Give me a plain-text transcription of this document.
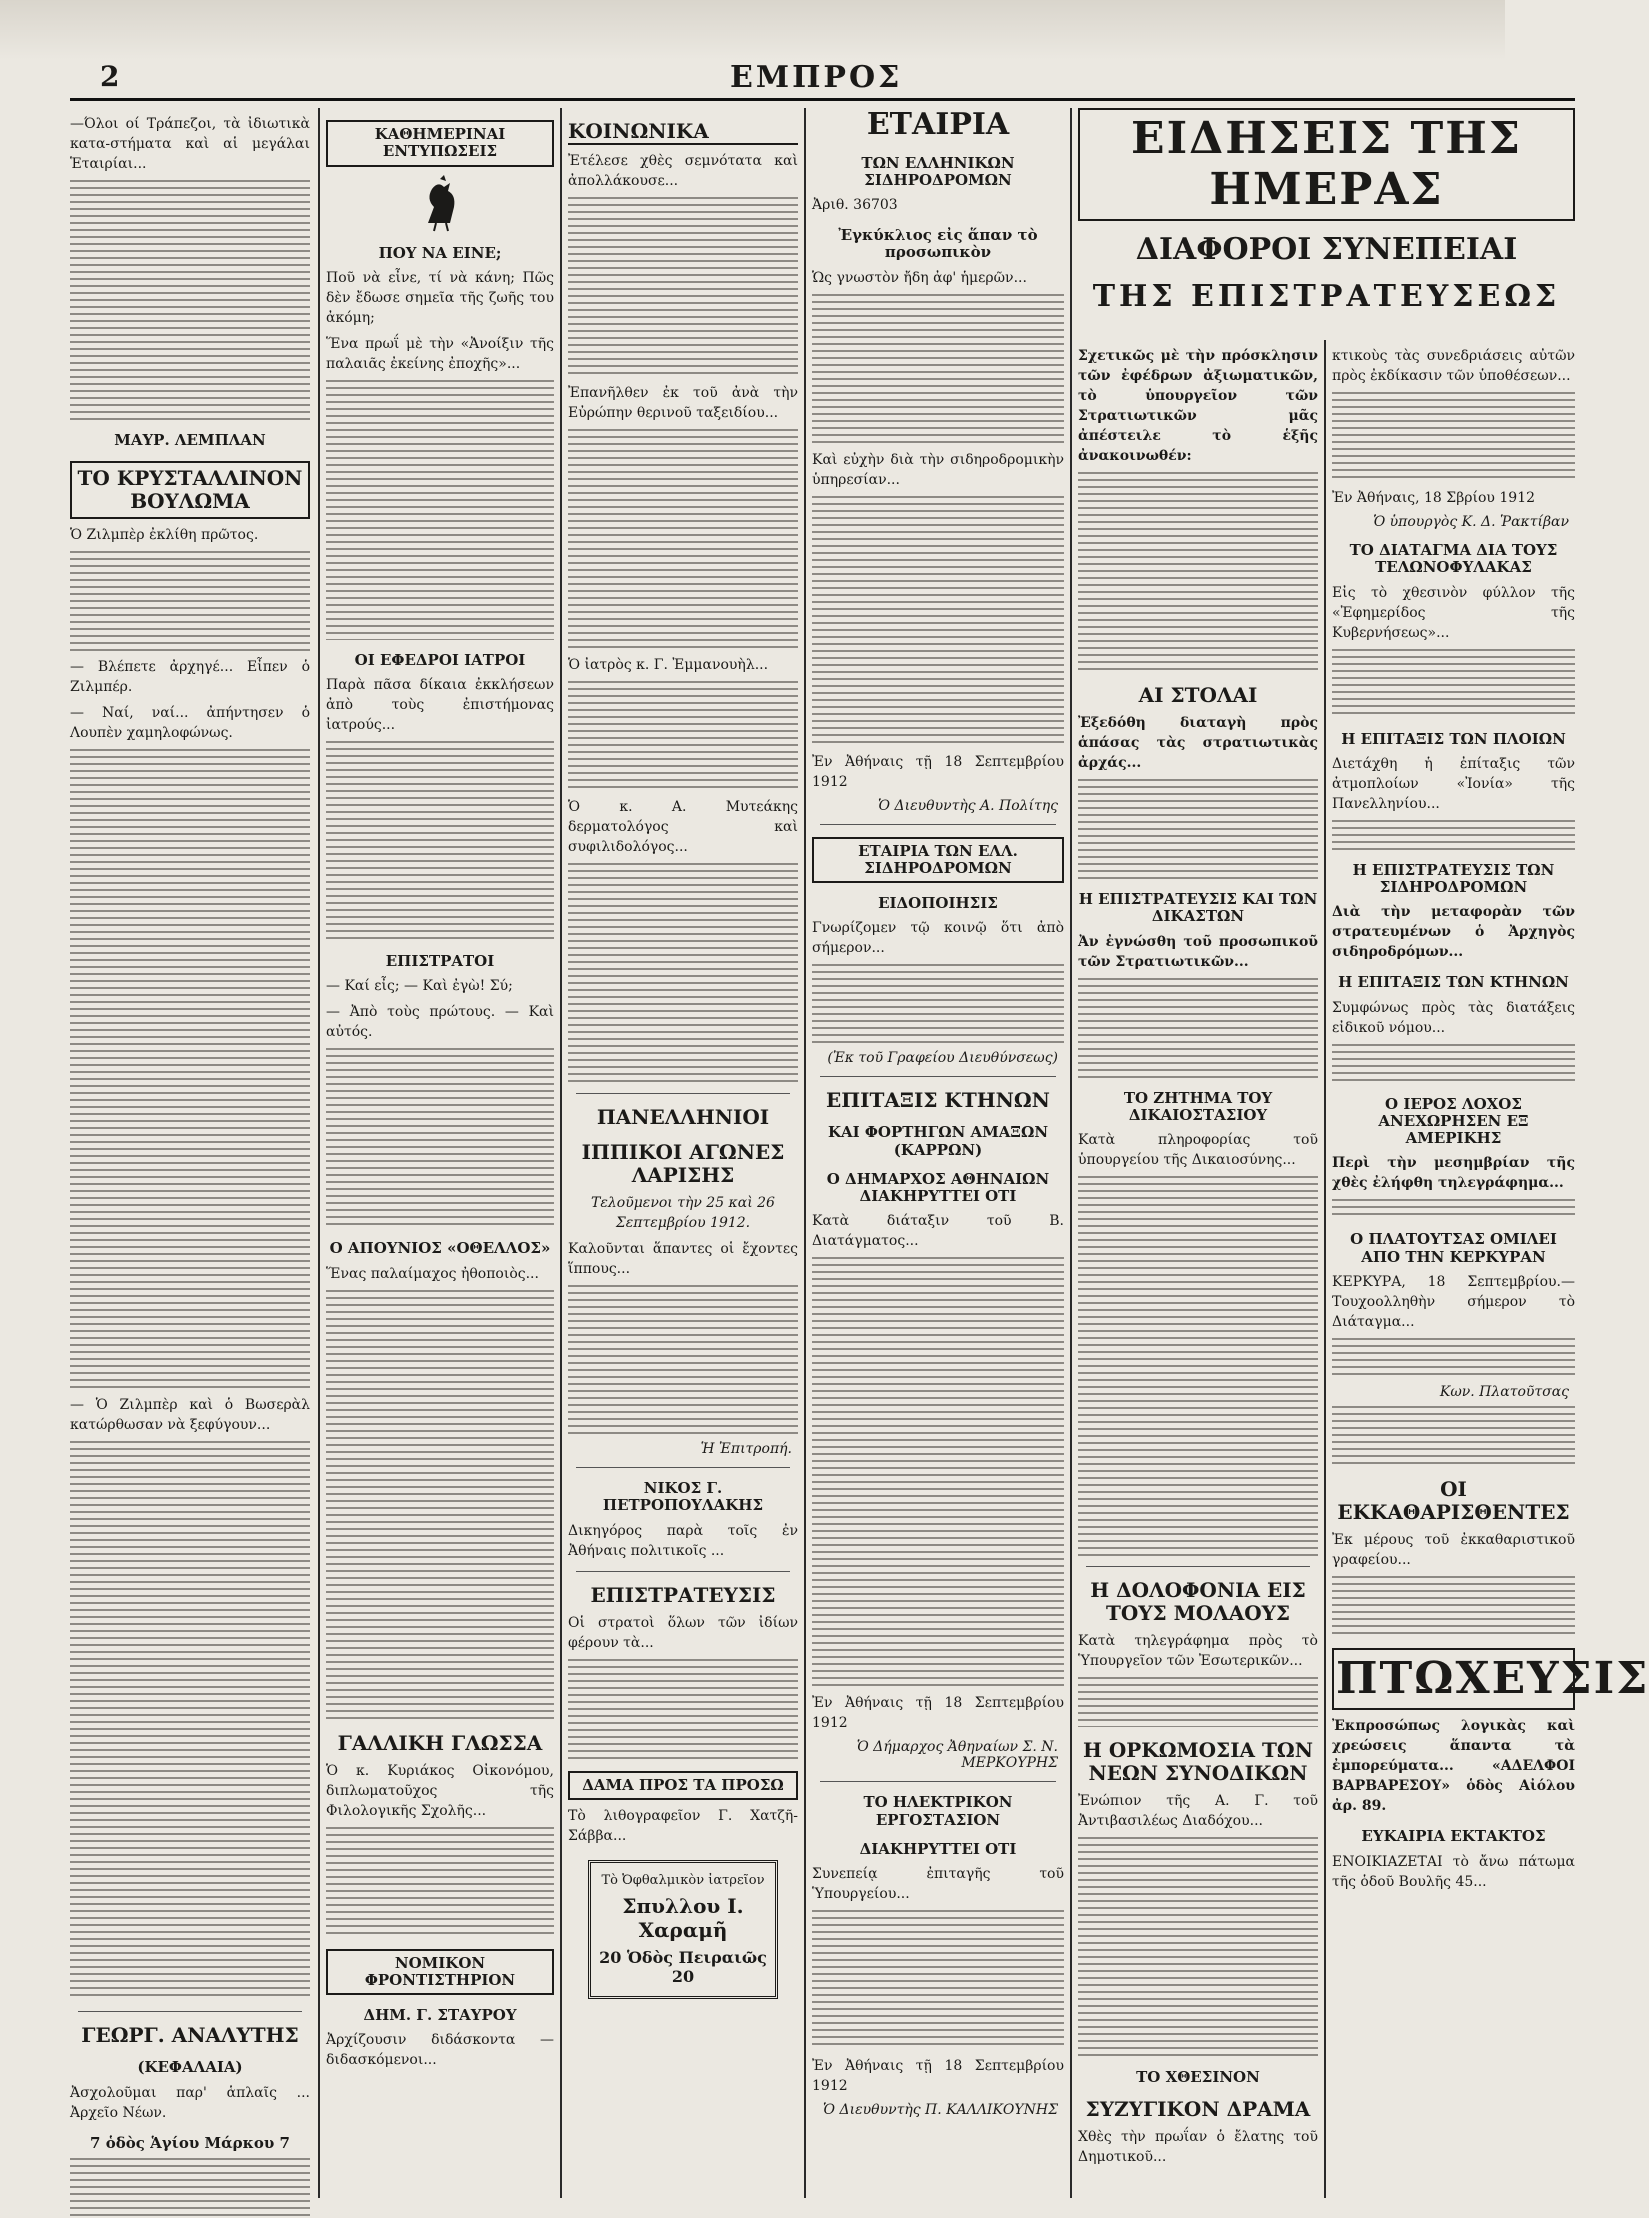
2	ΕΜΠΡΟΣ
—Όλοι οί Τράπεζοι, τὰ ἰδιωτικὰ κατα-στήματα καὶ αἱ μεγάλαι Ἑταιρίαι...
ΜΑΥΡ. ΛΕΜΠΛΑΝ
ΤΟ ΚΡΥΣΤΑΛΛΙΝΟΝ ΒΟΥΛΩΜΑ
Ὁ Ζιλμπὲρ ἐκλίθη πρῶτος.
— Βλέπετε ἀρχηγέ... Εἶπεν ὁ Ζιλμπέρ.
— Ναί, ναί... ἀπήντησεν ὁ Λουπὲν χαμηλοφώνως.
— Ὁ Ζιλμπὲρ καὶ ὁ Βωσερὰλ κατώρθωσαν νὰ ξεφύγουν...
ΓΕΩΡΓ. ΑΝΑΛΥΤΗΣ
(ΚΕΦΑΛΑΙΑ)
Ἀσχολοῦμαι παρ' ἁπλαῖς ... Ἀρχεῖο Νέων.
7 ὁδὸς Ἁγίου Μάρκου 7
ΚΑΘΗΜΕΡΙΝΑΙ ΕΝΤΥΠΩΣΕΙΣ
ΠΟΥ ΝΑ ΕΙΝΕ;
Ποῦ νὰ εἶνε, τί νὰ κάνη; Πῶς δὲν ἔδωσε σημεῖα τῆς ζωῆς του ἀκόμη;
Ἕνα πρωΐ μὲ τὴν «Ἀνοίξιν τῆς παλαιᾶς ἐκείνης ἐποχῆς»...
ΟΙ ΕΦΕΔΡΟΙ ΙΑΤΡΟΙ
Παρὰ πᾶσα δίκαια ἐκκλήσεων ἀπὸ τοὺς ἐπιστήμονας ἰατρούς...
ΕΠΙΣΤΡΑΤΟΙ
— Καί εἶς; — Καὶ ἐγὼ! Σύ;
— Ἀπὸ τοὺς πρώτους. — Καὶ αὐτός.
Ο ΑΠΟΥΝΙΟΣ «ΟΘΕΛΛΟΣ»
Ἕνας παλαίμαχος ἠθοποιὸς...
ΓΑΛΛΙΚΗ ΓΛΩΣΣΑ
Ὁ κ. Κυριάκος Οἰκονόμου, διπλωματοῦχος τῆς Φιλολογικῆς Σχολῆς...
ΝΟΜΙΚΟΝ ΦΡΟΝΤΙΣΤΗΡΙΟΝ
ΔΗΜ. Γ. ΣΤΑΥΡΟΥ
Ἀρχίζουσιν διδάσκοντα — διδασκόμενοι...
ΚΟΙΝΩΝΙΚΑ
Ἐτέλεσε χθὲς σεμνότατα καὶ ἀπολλάκουσε...
Ἐπανῆλθεν ἐκ τοῦ ἀνὰ τὴν Εὐρώπην θερινοῦ ταξειδίου...
Ὁ ἰατρὸς κ. Γ. Ἐμμανουὴλ...
Ὁ κ. Α. Μυτεάκης δερματολόγος καὶ συφιλιδολόγος...
ΠΑΝΕΛΛΗΝΙΟΙ
ΙΠΠΙΚΟΙ ΑΓΩΝΕΣ ΛΑΡΙΣΗΣ
Τελοῦμενοι τὴν 25 καὶ 26 Σεπτεμβρίου 1912.
Καλοῦνται ἅπαντες οἱ ἔχοντες ἵππους...
Ἡ Ἐπιτροπή.
ΝΙΚΟΣ Γ. ΠΕΤΡΟΠΟΥΛΑΚΗΣ
Δικηγόρος παρὰ τοῖς ἐν Ἀθήναις πολιτικοῖς ...
ΕΠΙΣΤΡΑΤΕΥΣΙΣ
Οἱ στρατοὶ ὅλων τῶν ἰδίων φέρουν τὰ...
ΔΑΜΑ ΠΡΟΣ ΤΑ ΠΡΟΣΩ
Τὸ λιθογραφεῖον Γ. Χατζῆ-Σάββα...
Τὸ Ὀφθαλμικὸν ἰατρεῖον
Σπυλλου Ι. Χαραμῆ
20 Ὁδὸς Πειραιῶς 20
ΕΤΑΙΡΙΑ
ΤΩΝ ΕΛΛΗΝΙΚΩΝ ΣΙΔΗΡΟΔΡΟΜΩΝ
Ἀριθ. 36703
Ἐγκύκλιος εἰς ἅπαν τὸ προσωπικὸν
Ὡς γνωστὸν ἤδη ἀφ' ἡμερῶν...
Καὶ εὐχὴν διὰ τὴν σιδηροδρομικὴν ὑπηρεσίαν...
Ἐν Ἀθήναις τῇ 18 Σεπτεμβρίου 1912
Ὁ Διευθυντὴς Α. Πολίτης
ΕΤΑΙΡΙΑ ΤΩΝ ΕΛΛ. ΣΙΔΗΡΟΔΡΟΜΩΝ
ΕΙΔΟΠΟΙΗΣΙΣ
Γνωρίζομεν τῷ κοινῷ ὅτι ἀπὸ σήμερον...
(Ἐκ τοῦ Γραφείου Διευθύνσεως)
ΕΠΙΤΑΞΙΣ ΚΤΗΝΩΝ
ΚΑΙ ΦΟΡΤΗΓΩΝ ΑΜΑΞΩΝ (ΚΑΡΡΩΝ)
Ο ΔΗΜΑΡΧΟΣ ΑΘΗΝΑΙΩΝ ΔΙΑΚΗΡΥΤΤΕΙ ΟΤΙ
Κατὰ διάταξιν τοῦ Β. Διατάγματος...
Ἐν Ἀθήναις τῇ 18 Σεπτεμβρίου 1912
Ὁ Δήμαρχος Ἀθηναίων Σ. Ν. ΜΕΡΚΟΥΡΗΣ
ΤΟ ΗΛΕΚΤΡΙΚΟΝ ΕΡΓΟΣΤΑΣΙΟΝ
ΔΙΑΚΗΡΥΤΤΕΙ ΟΤΙ
Συνεπείᾳ ἐπιταγῆς τοῦ Ὑπουργείου...
Ἐν Ἀθήναις τῇ 18 Σεπτεμβρίου 1912
Ὁ Διευθυντὴς Π. ΚΑΛΛΙΚΟΥΝΗΣ
ΕΙΔΗΣΕΙΣ ΤΗΣ ΗΜΕΡΑΣ
ΔΙΑΦΟΡΟΙ ΣΥΝΕΠΕΙΑΙ
ΤΗΣ ΕΠΙΣΤΡΑΤΕΥΣΕΩΣ
Σχετικῶς μὲ τὴν πρόσκλησιν τῶν ἐφέδρων ἀξιωματικῶν, τὸ ὑπουργεῖον τῶν Στρατιωτικῶν μᾶς ἀπέστειλε τὸ ἑξῆς ἀνακοινωθέν:
ΑΙ ΣΤΟΛΑΙ
Ἐξεδόθη διαταγὴ πρὸς ἁπάσας τὰς στρατιωτικὰς ἀρχάς...
Η ΕΠΙΣΤΡΑΤΕΥΣΙΣ ΚΑΙ ΤΩΝ ΔΙΚΑΣΤΩΝ
Ἀν ἐγνώσθη τοῦ προσωπικοῦ τῶν Στρατιωτικῶν...
ΤΟ ΖΗΤΗΜΑ ΤΟΥ ΔΙΚΑΙΟΣΤΑΣΙΟΥ
Κατὰ πληροφορίας τοῦ ὑπουργείου τῆς Δικαιοσύνης...
Η ΔΟΛΟΦΟΝΙΑ ΕΙΣ ΤΟΥΣ ΜΟΛΑΟΥΣ
Κατὰ τηλεγράφημα πρὸς τὸ Ὑπουργεῖον τῶν Ἐσωτερικῶν...
Η ΟΡΚΩΜΟΣΙΑ ΤΩΝ ΝΕΩΝ ΣΥΝΟΔΙΚΩΝ
Ἐνώπιον τῆς Α. Γ. τοῦ Ἀντιβασιλέως Διαδόχου...
ΤΟ ΧΘΕΣΙΝΟΝ
ΣΥΖΥΓΙΚΟΝ ΔΡΑΜΑ
Χθὲς τὴν πρωΐαν ὁ ἔλατης τοῦ Δημοτικοῦ...
κτικοὺς τὰς συνεδριάσεις αὐτῶν πρὸς ἐκδίκασιν τῶν ὑποθέσεων...
Ἐν Ἀθήναις, 18 Σβρίου 1912
Ὁ ὑπουργὸς Κ. Δ. Ῥακτίβαν
ΤΟ ΔΙΑΤΑΓΜΑ ΔΙΑ ΤΟΥΣ ΤΕΛΩΝΟΦΥΛΑΚΑΣ
Εἰς τὸ χθεσινὸν φύλλον τῆς «Ἐφημερίδος τῆς Κυβερνήσεως»...
Η ΕΠΙΤΑΞΙΣ ΤΩΝ ΠΛΟΙΩΝ
Διετάχθη ἡ ἐπίταξις τῶν ἀτμοπλοίων «Ἰονία» τῆς Πανελληνίου...
Η ΕΠΙΣΤΡΑΤΕΥΣΙΣ ΤΩΝ ΣΙΔΗΡΟΔΡΟΜΩΝ
Διὰ τὴν μεταφορὰν τῶν στρατευμένων ὁ Ἀρχηγὸς σιδηροδρόμων...
Η ΕΠΙΤΑΞΙΣ ΤΩΝ ΚΤΗΝΩΝ
Συμφώνως πρὸς τὰς διατάξεις εἰδικοῦ νόμου...
Ο ΙΕΡΟΣ ΛΟΧΟΣ ΑΝΕΧΩΡΗΣΕΝ ΕΞ ΑΜΕΡΙΚΗΣ
Περὶ τὴν μεσημβρίαν τῆς χθὲς ἐλήφθη τηλεγράφημα...
Ο ΠΛΑΤΟΥΤΣΑΣ ΟΜΙΛΕΙ ΑΠΟ ΤΗΝ ΚΕΡΚΥΡΑΝ
ΚΕΡΚΥΡΑ, 18 Σεπτεμβρίου.— Τουχοολληθὴν σήμερον τὸ Διάταγμα...
Κων. Πλατοῦτσας
ΟΙ ΕΚΚΑΘΑΡΙΣΘΕΝΤΕΣ
Ἐκ μέρους τοῦ ἐκκαθαριστικοῦ γραφείου...
ΠΤΩΧΕΥΣΙΣ
Ἐκπροσώπως λογικὰς καὶ χρεώσεις ἅπαντα τὰ ἐμπορεύματα... «ΑΔΕΛΦΟΙ ΒΑΡΒΑΡΕΣΟΥ» ὁδὸς Αἰόλου ἀρ. 89.
ΕΥΚΑΙΡΙΑ ΕΚΤΑΚΤΟΣ
ΕΝΟΙΚΙΑΖΕΤΑΙ τὸ ἄνω πάτωμα τῆς ὁδοῦ Βουλῆς 45...
